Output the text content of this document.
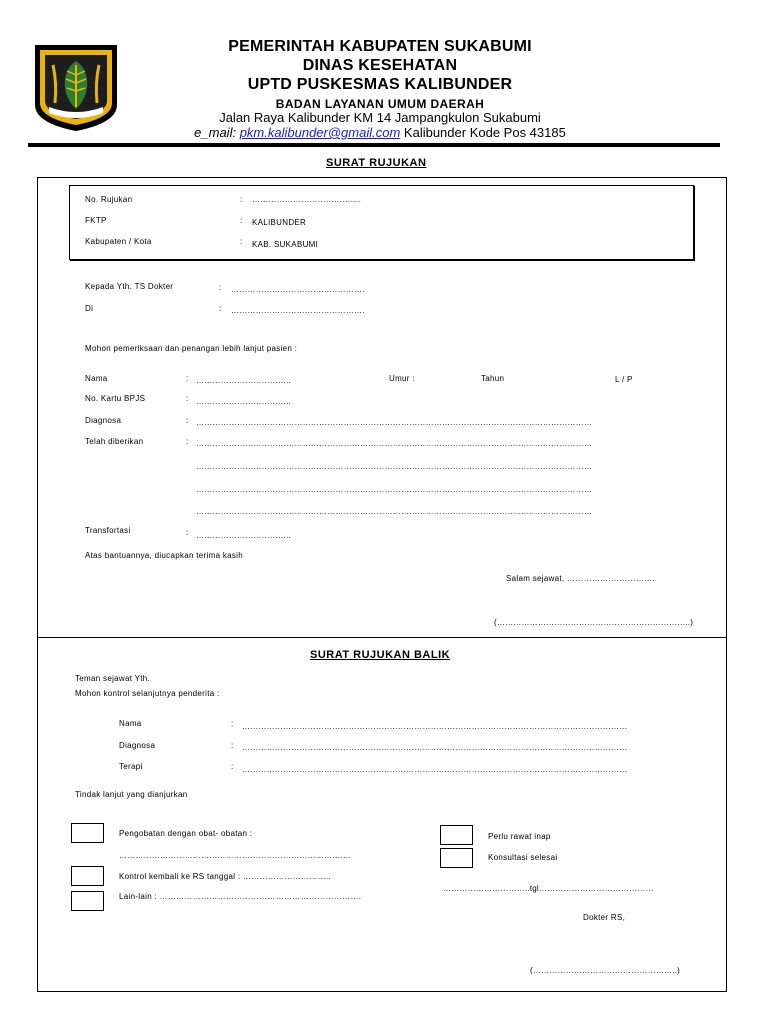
PEMERINTAH KABUPATEN SUKABUMI
DINAS KESEHATAN
UPTD PUSKESMAS KALIBUNDER
BADAN LAYANAN UMUM DAERAH
Jalan Raya Kalibunder KM 14 Jampangkulon Sukabumi
e_mail: pkm.kalibunder@gmail.com Kalibunder Kode Pos 43185
SURAT RUJUKAN
No. Rujukan	: ………………………………….
FKTP	: KALIBUNDER
Kabupaten / Kota	: KAB. SUKABUMI
Kepada Yth. TS Dokter	: ………………………………………….
Di	: ………………………………………….
Mohon pemeriksaan dan penangan lebih lanjut pasien :
Nama	: ……………………………..	Umur :	Tahun	L / P
No. Kartu BPJS	: ……………………………..
Diagnosa	: ……………………………………………………………………………………………………….………………………
Telah diberikan	: ……………………………………………………………………………………………………….………………………
……………………………………………………………………………………………………….………………………
……………………………………………………………………………………………………….………………………
……………………………………………………………………………………………………….………………………
Transfortasi	: ……………………………..
Atas bantuannya, diucapkan terima kasih
Salam sejawat, …………….…………….
(……………………………………………………………..)
SURAT RUJUKAN BALIK
Teman sejawat Yth.
Mohon kontrol selanjutnya penderita :
Nama	: ……………………………………………………………………………………………………………………………
Diagnosa	: ……………………………………………………………………………………………………………………………
Terapi	: ……………………………………………………………………………………………………………………………
Tindak lanjut yang dianjurkan
Pengobatan dengan obat- obatan :
………………………………………………………………………….
Kontrol kembali ke RS tanggal : …………………………..
Lain-lain : ……………………………………………………………….
Perlu rawat inap
Konsultasi selesai
…………………………..tgl……………………………………
Dokter RS,
(……………………………………………..)
